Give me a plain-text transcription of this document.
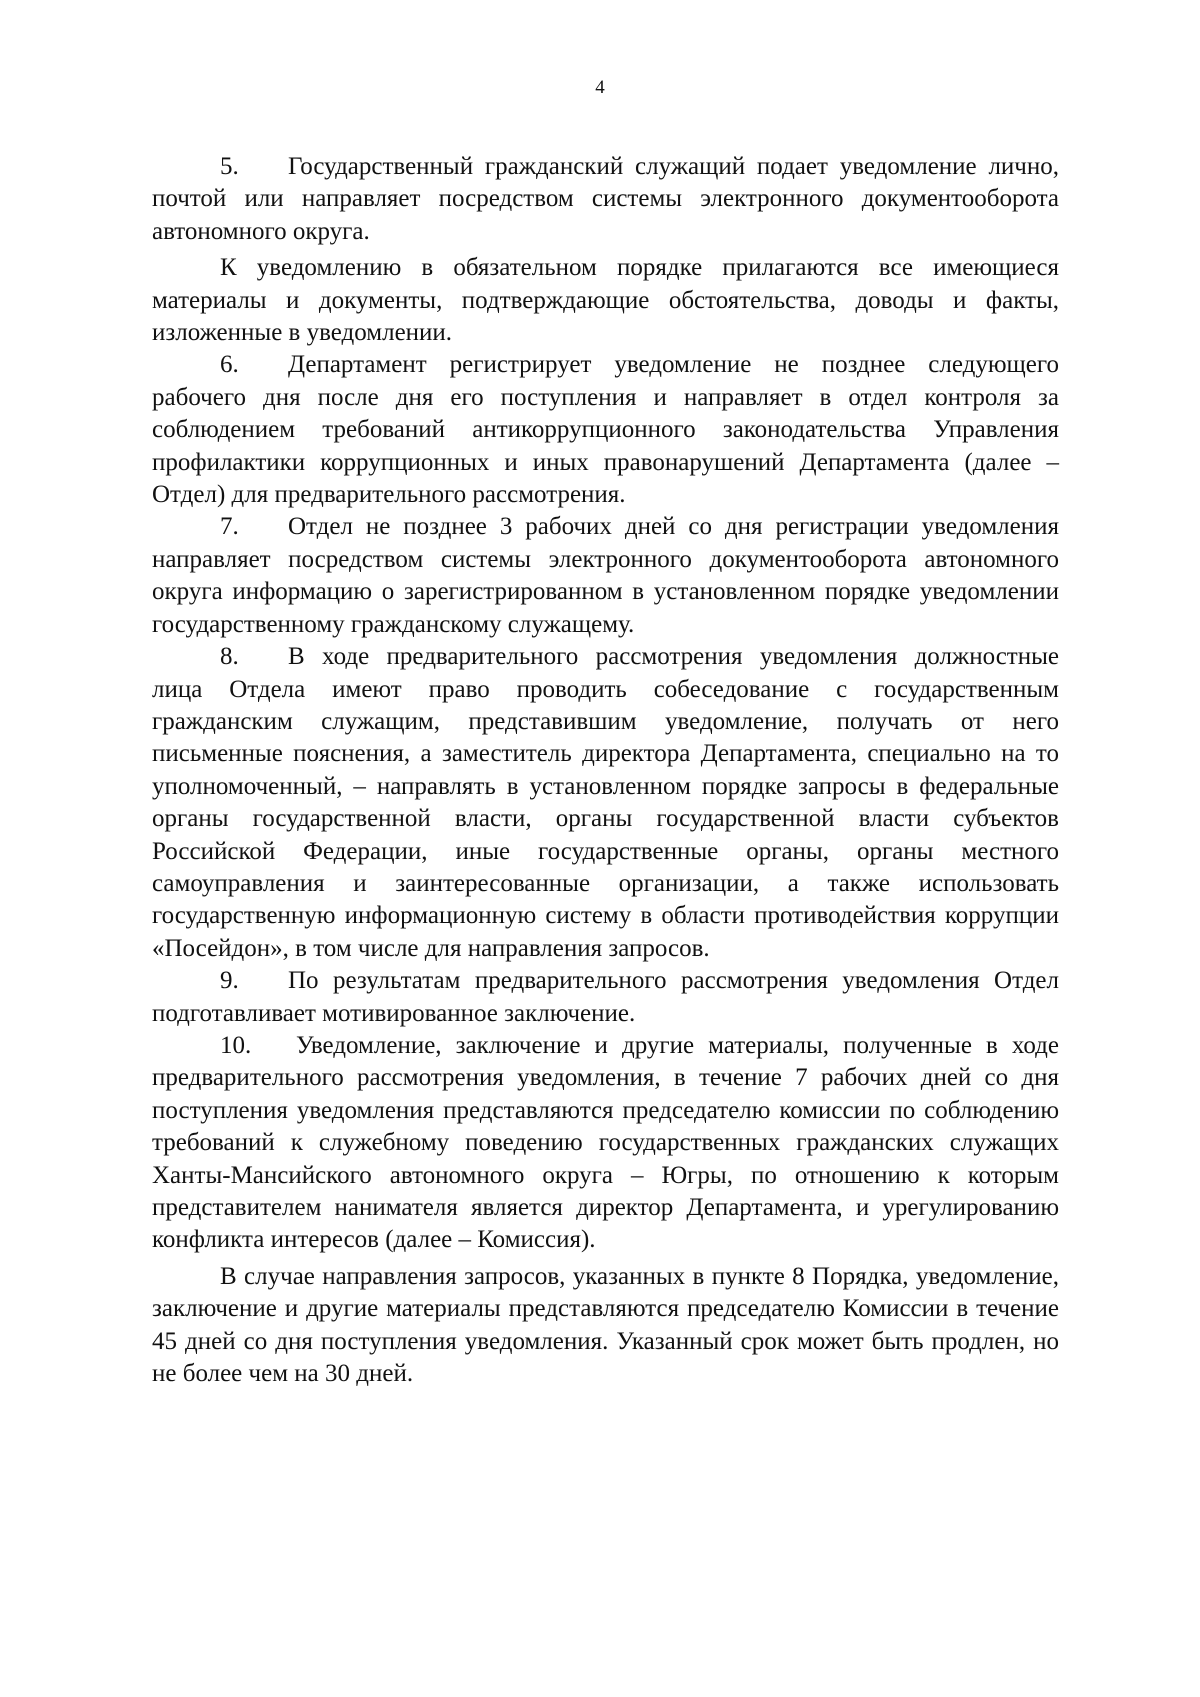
4

5. Государственный гражданский служащий подает уведомление лично, почтой или направляет посредством системы электронного документооборота автономного округа.

К уведомлению в обязательном порядке прилагаются все имеющиеся материалы и документы, подтверждающие обстоятельства, доводы и факты, изложенные в уведомлении.

6. Департамент регистрирует уведомление не позднее следующего рабочего дня после дня его поступления и направляет в отдел контроля за соблюдением требований антикоррупционного законодательства Управления профилактики коррупционных и иных правонарушений Департамента (далее – Отдел) для предварительного рассмотрения.

7. Отдел не позднее 3 рабочих дней со дня регистрации уведомления направляет посредством системы электронного документооборота автономного округа информацию о зарегистрированном в установленном порядке уведомлении государственному гражданскому служащему.

8. В ходе предварительного рассмотрения уведомления должностные лица Отдела имеют право проводить собеседование с государственным гражданским служащим, представившим уведомление, получать от него письменные пояснения, а заместитель директора Департамента, специально на то уполномоченный, – направлять в установленном порядке запросы в федеральные органы государственной власти, органы государственной власти субъектов Российской Федерации, иные государственные органы, органы местного самоуправления и заинтересованные организации, а также использовать государственную информационную систему в области противодействия коррупции «Посейдон», в том числе для направления запросов.

9. По результатам предварительного рассмотрения уведомления Отдел подготавливает мотивированное заключение.

10. Уведомление, заключение и другие материалы, полученные в ходе предварительного рассмотрения уведомления, в течение 7 рабочих дней со дня поступления уведомления представляются председателю комиссии по соблюдению требований к служебному поведению государственных гражданских служащих Ханты-Мансийского автономного округа – Югры, по отношению к которым представителем нанимателя является директор Департамента, и урегулированию конфликта интересов (далее – Комиссия).

В случае направления запросов, указанных в пункте 8 Порядка, уведомление, заключение и другие материалы представляются председателю Комиссии в течение 45 дней со дня поступления уведомления. Указанный срок может быть продлен, но не более чем на 30 дней.
